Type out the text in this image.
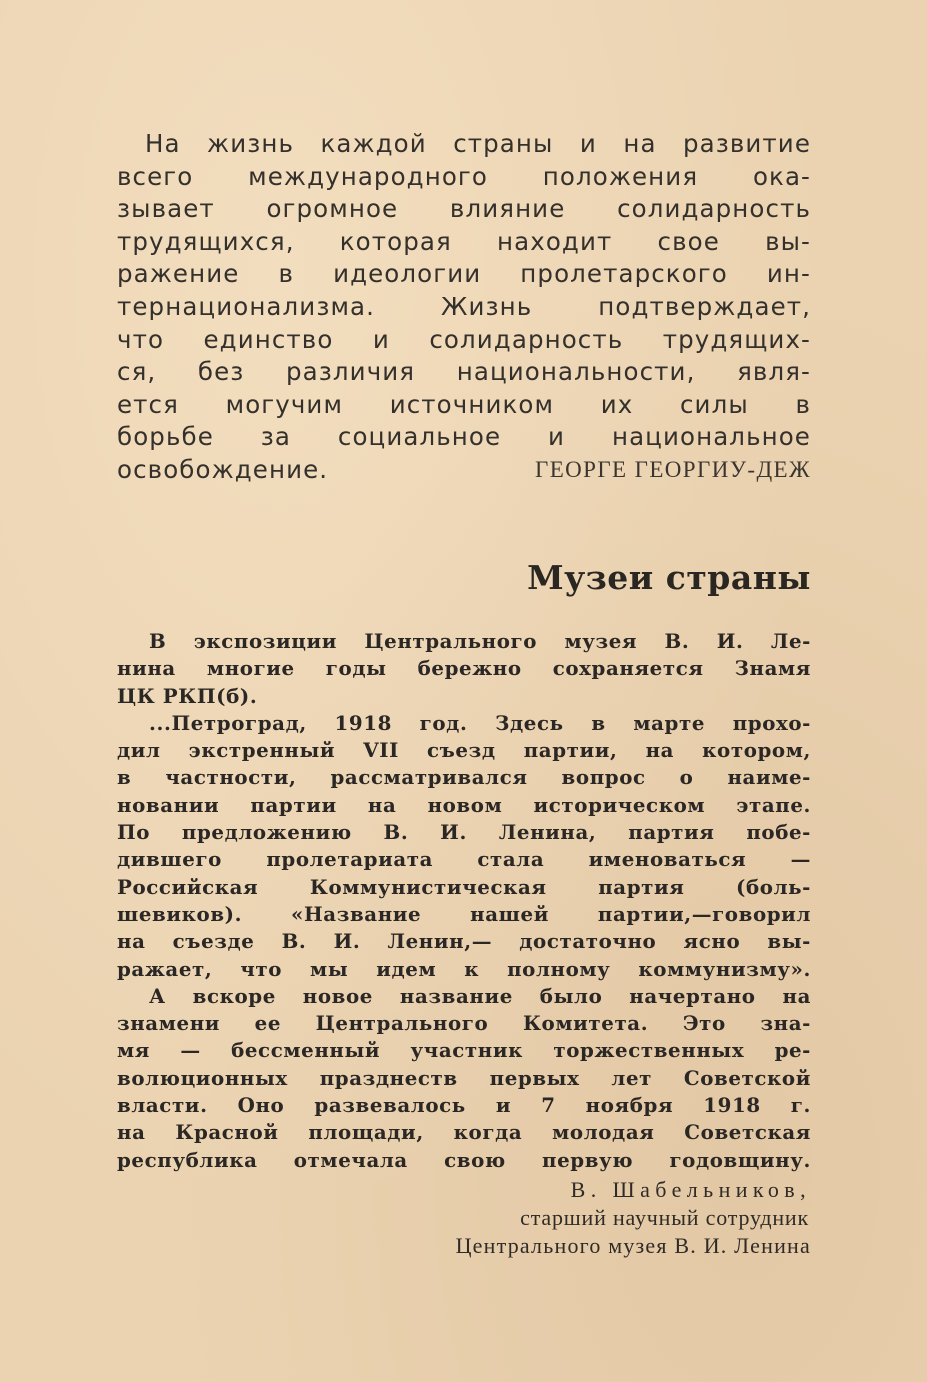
На жизнь каждой страны и на развитие
всего международного положения ока-
зывает огромное влияние солидарность
трудящихся, которая находит свое вы-
ражение в идеологии пролетарского ин-
тернационализма. Жизнь подтверждает,
что единство и солидарность трудящих-
ся, без различия национальности, явля-
ется могучим источником их силы в
борьбе за социальное и национальное
освобождение.	ГЕОРГЕ ГЕОРГИУ-ДЕЖ
Музеи страны
В экспозиции Центрального музея В. И. Ле-
нина многие годы бережно сохраняется Знамя
ЦК РКП(б).
...Петроград, 1918 год. Здесь в марте прохо-
дил экстренный VII съезд партии, на котором,
в частности, рассматривался вопрос о наиме-
новании партии на новом историческом этапе.
По предложению В. И. Ленина, партия побе-
дившего пролетариата стала именоваться —
Российская Коммунистическая партия (боль-
шевиков). «Название нашей партии,—говорил
на съезде В. И. Ленин,— достаточно ясно вы-
ражает, что мы идем к полному коммунизму».
А вскоре новое название было начертано на
знамени ее Центрального Комитета. Это зна-
мя — бессменный участник торжественных ре-
волюционных празднеств первых лет Советской
власти. Оно развевалось и 7 ноября 1918 г.
на Красной площади, когда молодая Советская
республика отмечала свою первую годовщину.
В. Шабельников,
старший научный сотрудник
Центрального музея В. И. Ленина
